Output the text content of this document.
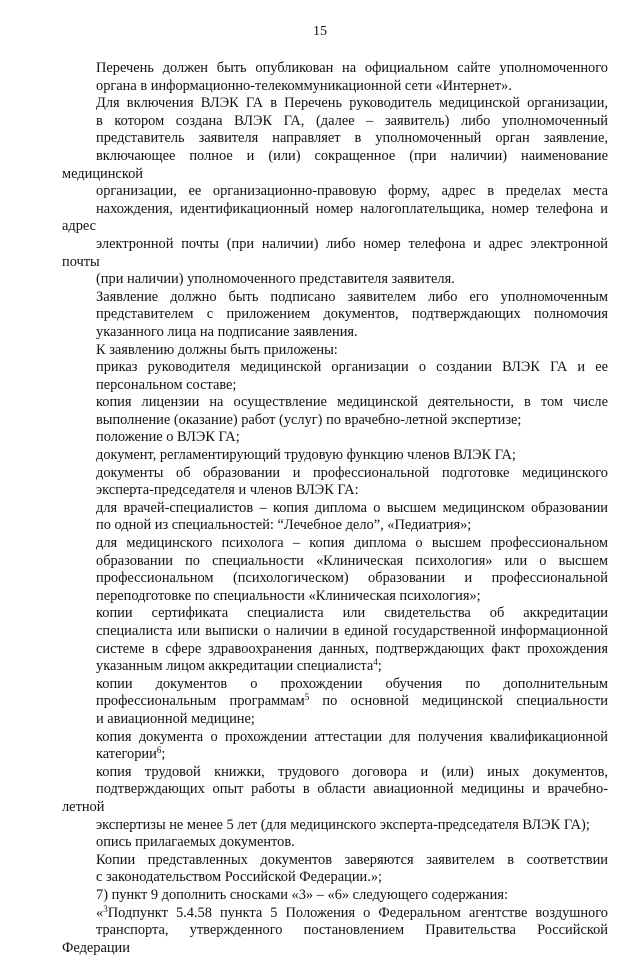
15

Перечень должен быть опубликован на официальном сайте уполномоченного
органа в информационно-телекоммуникационной сети «Интернет».

Для включения ВЛЭК ГА в Перечень руководитель медицинской организации,
в котором создана ВЛЭК ГА, (далее – заявитель) либо уполномоченный
представитель заявителя направляет в уполномоченный орган заявление,
включающее полное и (или) сокращенное (при наличии) наименование медицинской
организации, ее организационно-правовую форму, адрес в пределах места
нахождения, идентификационный номер налогоплательщика, номер телефона и адрес
электронной почты (при наличии) либо номер телефона и адрес электронной почты
(при наличии) уполномоченного представителя заявителя.

Заявление должно быть подписано заявителем либо его уполномоченным
представителем с приложением документов, подтверждающих полномочия
указанного лица на подписание заявления.

К заявлению должны быть приложены:

приказ руководителя медицинской организации о создании ВЛЭК ГА и ее
персональном составе;

копия лицензии на осуществление медицинской деятельности, в том числе
выполнение (оказание) работ (услуг) по врачебно-летной экспертизе;

положение о ВЛЭК ГА;

документ, регламентирующий трудовую функцию членов ВЛЭК ГА;

документы об образовании и профессиональной подготовке медицинского
эксперта-председателя и членов ВЛЭК ГА:

для врачей-специалистов – копия диплома о высшем медицинском образовании
по одной из специальностей: “Лечебное дело”, «Педиатрия»;

для медицинского психолога – копия диплома о высшем профессиональном
образовании по специальности «Клиническая психология» или о высшем
профессиональном (психологическом) образовании и профессиональной
переподготовке по специальности «Клиническая психология»;

копии сертификата специалиста или свидетельства об аккредитации
специалиста или выписки о наличии в единой государственной информационной
системе в сфере здравоохранения данных, подтверждающих факт прохождения
указанным лицом аккредитации специалиста$^4$;

копии документов о прохождении обучения по дополнительным
профессиональным программам$^5$ по основной медицинской специальности
и авиационной медицине;

копия документа о прохождении аттестации для получения квалификационной
категории$^6$;

копия трудовой книжки, трудового договора и (или) иных документов,
подтверждающих опыт работы в области авиационной медицины и врачебно-летной
экспертизы не менее 5 лет (для медицинского эксперта-председателя ВЛЭК ГА);

опись прилагаемых документов.

Копии представленных документов заверяются заявителем в соответствии
с законодательством Российской Федерации.»;

7) пункт 9 дополнить сносками «3» – «6» следующего содержания:

«$^3$Подпункт 5.4.58 пункта 5 Положения о Федеральном агентстве воздушного
транспорта, утвержденного постановлением Правительства Российской Федерации
